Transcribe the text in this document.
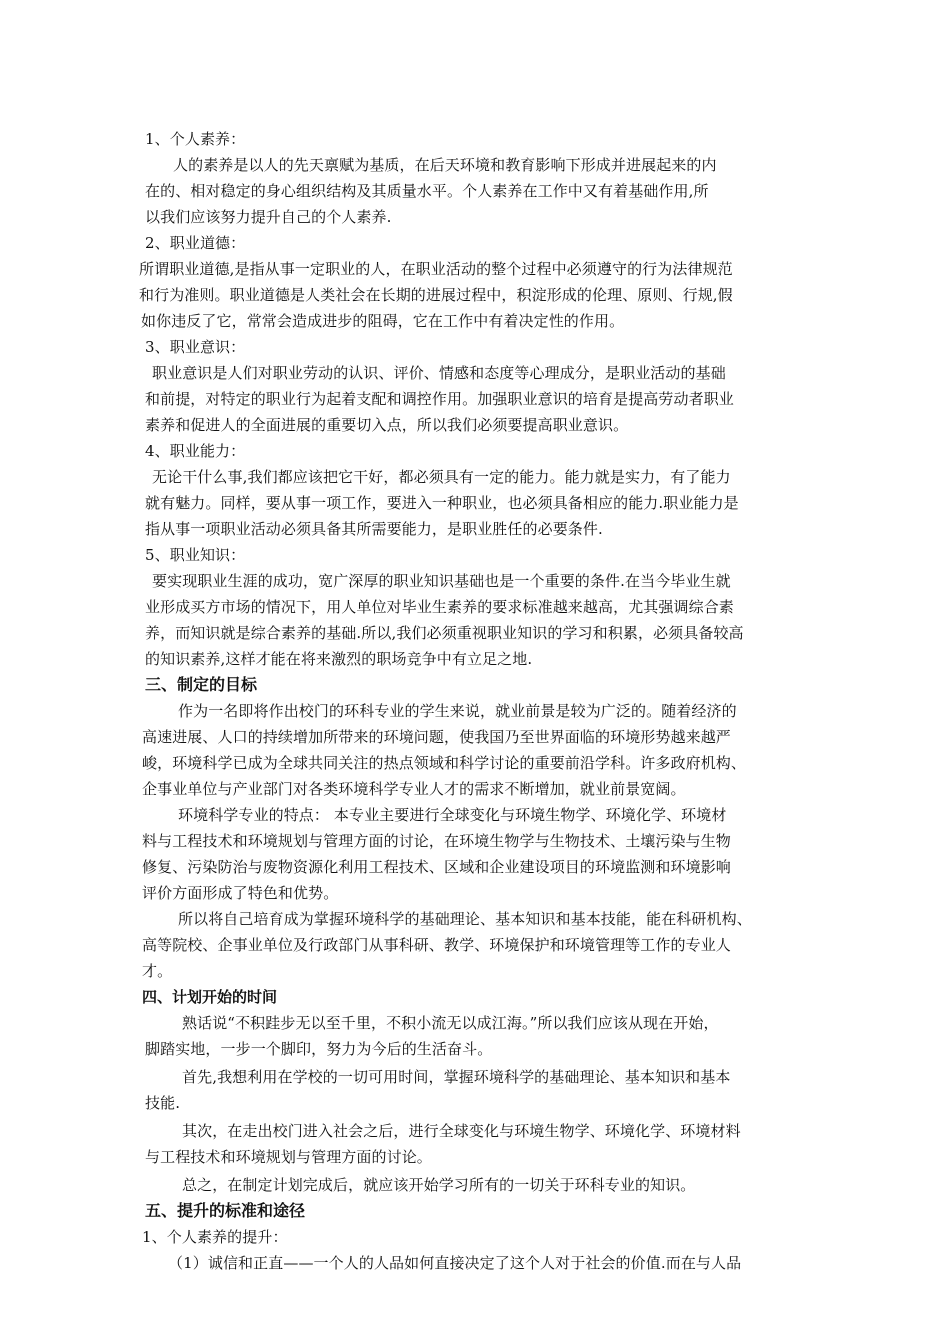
1、个人素养：
人的素养是以人的先天禀赋为基质，在后天环境和教育影响下形成并进展起来的内
在的、相对稳定的身心组织结构及其质量水平。个人素养在工作中又有着基础作用,所
以我们应该努力提升自己的个人素养.
2、职业道德：
所谓职业道德,是指从事一定职业的人，在职业活动的整个过程中必须遵守的行为法律规范
和行为准则。职业道德是人类社会在长期的进展过程中，积淀形成的伦理、原则、行规,假
如你违反了它，常常会造成进步的阻碍，它在工作中有着决定性的作用。
3、职业意识：
职业意识是人们对职业劳动的认识、评价、情感和态度等心理成分，是职业活动的基础
和前提，对特定的职业行为起着支配和调控作用。加强职业意识的培育是提高劳动者职业
素养和促进人的全面进展的重要切入点，所以我们必须要提高职业意识。
4、职业能力：
无论干什么事,我们都应该把它干好，都必须具有一定的能力。能力就是实力，有了能力
就有魅力。同样，要从事一项工作，要进入一种职业，也必须具备相应的能力.职业能力是
指从事一项职业活动必须具备其所需要能力，是职业胜任的必要条件.
5、职业知识：
要实现职业生涯的成功，宽广深厚的职业知识基础也是一个重要的条件.在当今毕业生就
业形成买方市场的情况下，用人单位对毕业生素养的要求标准越来越高，尤其强调综合素
养，而知识就是综合素养的基础.所以,我们必须重视职业知识的学习和积累，必须具备较高
的知识素养,这样才能在将来激烈的职场竞争中有立足之地.
三、制定的目标
作为一名即将作出校门的环科专业的学生来说，就业前景是较为广泛的。随着经济的
高速进展、人口的持续增加所带来的环境问题，使我国乃至世界面临的环境形势越来越严
峻，环境科学已成为全球共同关注的热点领域和科学讨论的重要前沿学科。许多政府机构、
企事业单位与产业部门对各类环境科学专业人才的需求不断增加，就业前景宽阔。
环境科学专业的特点： 本专业主要进行全球变化与环境生物学、环境化学、环境材
料与工程技术和环境规划与管理方面的讨论，在环境生物学与生物技术、土壤污染与生物
修复、污染防治与废物资源化利用工程技术、区域和企业建设项目的环境监测和环境影响
评价方面形成了特色和优势。
所以将自己培育成为掌握环境科学的基础理论、基本知识和基本技能，能在科研机构、
高等院校、企事业单位及行政部门从事科研、教学、环境保护和环境管理等工作的专业人
才。
四、计划开始的时间
熟话说“不积跬步无以至千里，不积小流无以成江海。”所以我们应该从现在开始，
脚踏实地，一步一个脚印，努力为今后的生活奋斗。
首先,我想利用在学校的一切可用时间，掌握环境科学的基础理论、基本知识和基本
技能.
其次，在走出校门进入社会之后，进行全球变化与环境生物学、环境化学、环境材料
与工程技术和环境规划与管理方面的讨论。
总之，在制定计划完成后，就应该开始学习所有的一切关于环科专业的知识。
五、提升的标准和途径
1、个人素养的提升：
（1）诚信和正直——一个人的人品如何直接决定了这个人对于社会的价值.而在与人品
